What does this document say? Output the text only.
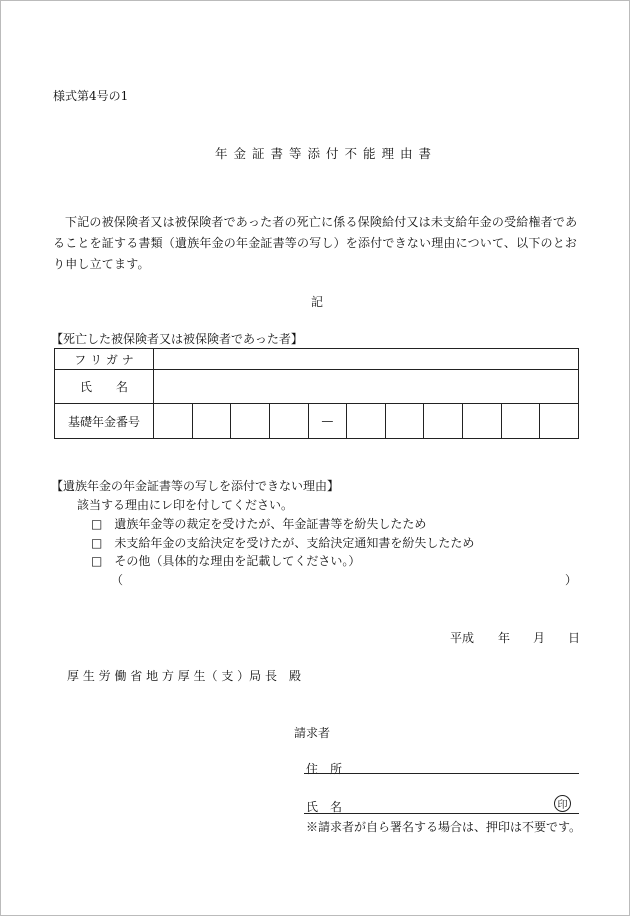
様式第4号の1
年金証書等添付不能理由書
下記の被保険者又は被保険者であった者の死亡に係る保険給付又は未支給年金の受給権者であることを証する書類（遺族年金の年金証書等の写し）を添付できない理由について、以下のとおり申し立てます。
記
【死亡した被保険者又は被保険者であった者】
フ リ ガ ナ	
氏　　名	
基礎年金番号	—
【遺族年金の年金証書等の写しを添付できない理由】
該当する理由にレ印を付してください。
□ 遺族年金等の裁定を受けたが、年金証書等を紛失したため
□ 未支給年金の支給決定を受けたが、支給決定通知書を紛失したため
□ その他（具体的な理由を記載してください。）
（	）
平成 年 月 日
厚 生 労 働 省 地 方 厚 生（ 支 ）局 長　殿
請求者
住　所
氏　名	印
※請求者が自ら署名する場合は、押印は不要です。
